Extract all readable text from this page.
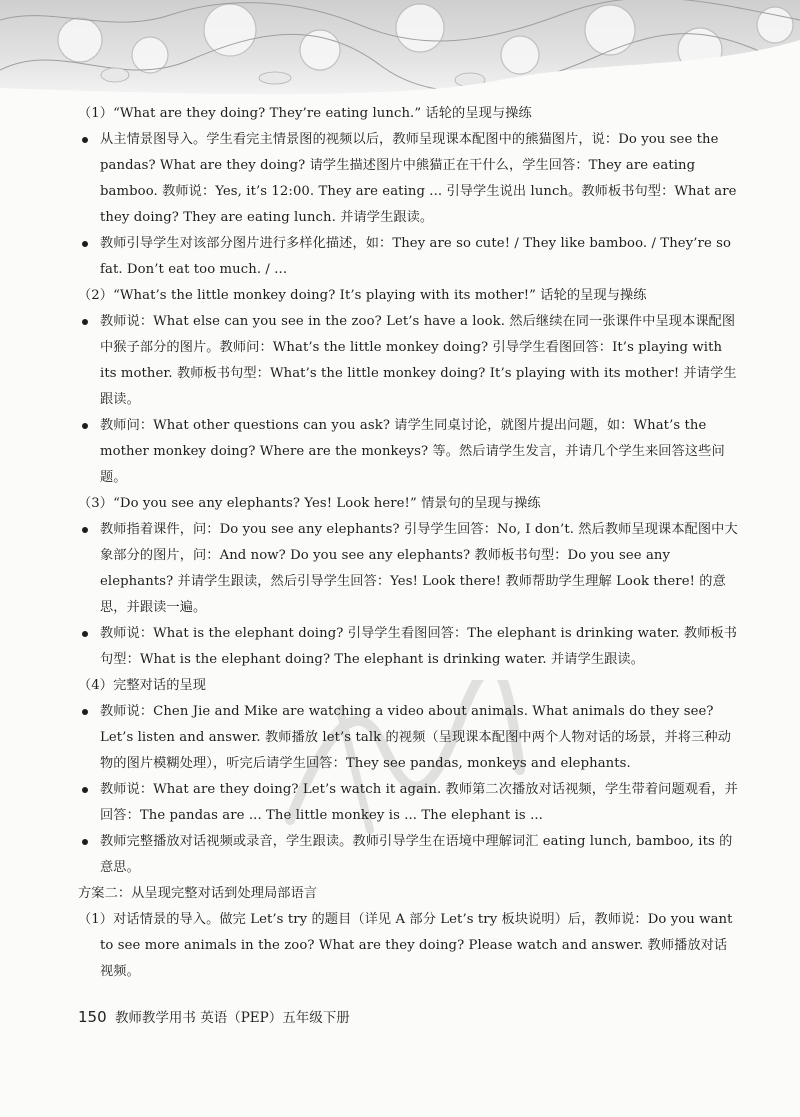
（1）“What are they doing? They’re eating lunch.” 话轮的呈现与操练

从主情景图导入。学生看完主情景图的视频以后，教师呈现课本配图中的熊猫图片，说：Do you see the pandas? What are they doing? 请学生描述图片中熊猫正在干什么，学生回答：They are eating bamboo. 教师说：Yes, it’s 12:00. They are eating ... 引导学生说出 lunch。教师板书句型：What are they doing? They are eating lunch. 并请学生跟读。

教师引导学生对该部分图片进行多样化描述，如：They are so cute! / They like bamboo. / They’re so fat. Don’t eat too much. / ...

（2）“What’s the little monkey doing? It’s playing with its mother!” 话轮的呈现与操练

教师说：What else can you see in the zoo? Let’s have a look. 然后继续在同一张课件中呈现本课配图中猴子部分的图片。教师问：What’s the little monkey doing? 引导学生看图回答：It’s playing with its mother. 教师板书句型：What’s the little monkey doing? It’s playing with its mother! 并请学生跟读。

教师问：What other questions can you ask? 请学生同桌讨论，就图片提出问题，如：What’s the mother monkey doing? Where are the monkeys? 等。然后请学生发言，并请几个学生来回答这些问题。

（3）“Do you see any elephants? Yes! Look here!” 情景句的呈现与操练

教师指着课件，问：Do you see any elephants? 引导学生回答：No, I don’t. 然后教师呈现课本配图中大象部分的图片，问：And now? Do you see any elephants? 教师板书句型：Do you see any elephants? 并请学生跟读，然后引导学生回答：Yes! Look there! 教师帮助学生理解 Look there! 的意思，并跟读一遍。

教师说：What is the elephant doing? 引导学生看图回答：The elephant is drinking water. 教师板书句型：What is the elephant doing? The elephant is drinking water. 并请学生跟读。

（4）完整对话的呈现

教师说：Chen Jie and Mike are watching a video about animals. What animals do they see? Let’s listen and answer. 教师播放 let’s talk 的视频（呈现课本配图中两个人物对话的场景，并将三种动物的图片模糊处理），听完后请学生回答：They see pandas, monkeys and elephants.

教师说：What are they doing? Let’s watch it again. 教师第二次播放对话视频，学生带着问题观看，并回答：The pandas are ... The little monkey is ... The elephant is ...

教师完整播放对话视频或录音，学生跟读。教师引导学生在语境中理解词汇 eating lunch, bamboo, its 的意思。

方案二：从呈现完整对话到处理局部语言

（1）对话情景的导入。做完 Let’s try 的题目（详见 A 部分 Let’s try 板块说明）后，教师说：Do you want to see more animals in the zoo? What are they doing? Please watch and answer. 教师播放对话视频。

150 教师教学用书 英语（PEP）五年级下册
